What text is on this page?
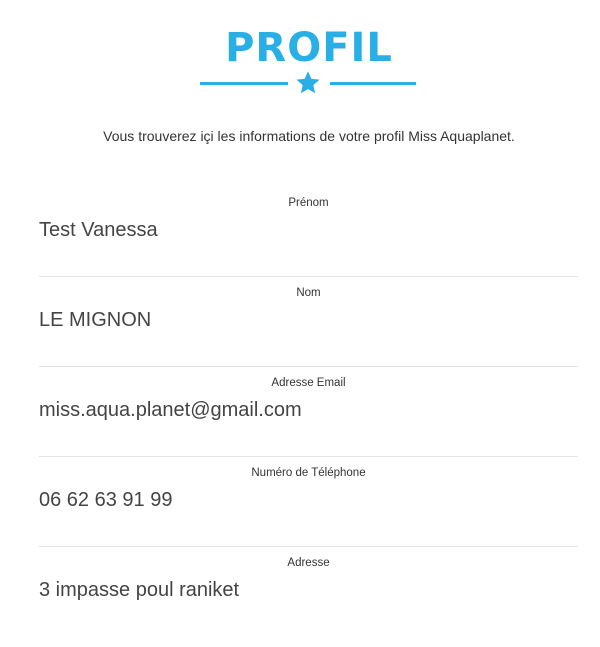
PROFIL
Vous trouverez içi les informations de votre profil Miss Aquaplanet.
Prénom
Test Vanessa
Nom
LE MIGNON
Adresse Email
miss.aqua.planet@gmail.com
Numéro de Téléphone
06 62 63 91 99
Adresse
3 impasse poul raniket
